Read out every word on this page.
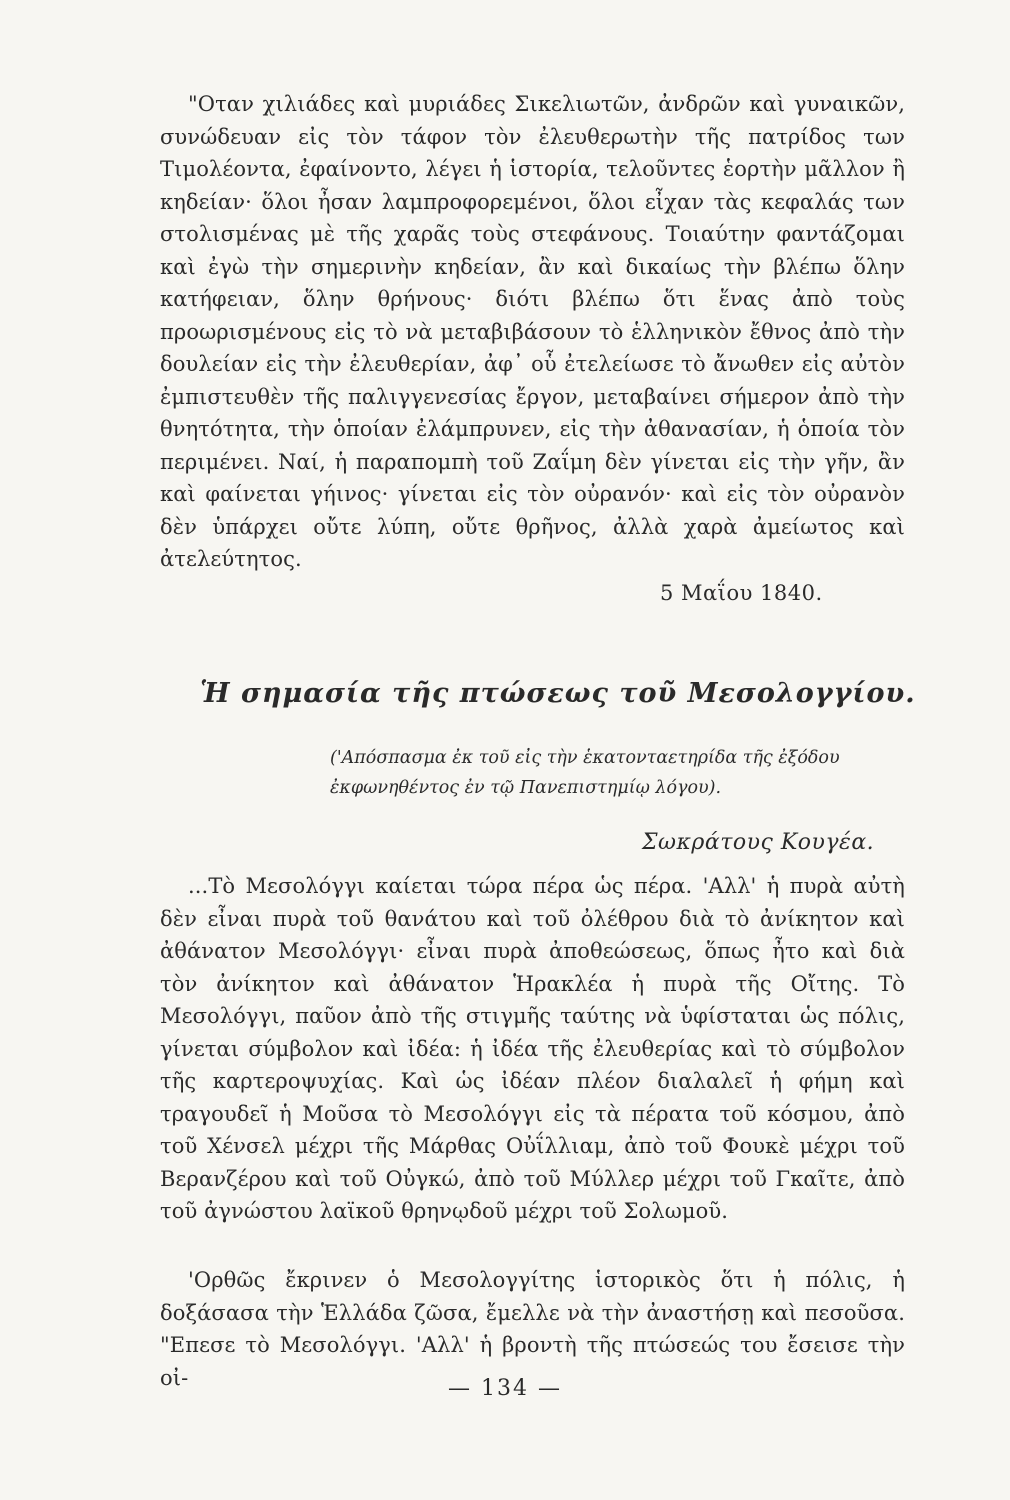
"Οταν χιλιάδες καὶ μυριάδες Σικελιωτῶν, ἀνδρῶν καὶ γυναικῶν, συνώδευαν εἰς τὸν τάφον τὸν ἐλευθερωτὴν τῆς πατρίδος των Τιμολέοντα, ἐφαίνοντο, λέγει ἡ ἱστορία, τελοῦντες ἑορτὴν μᾶλλον ἢ κηδείαν· ὅλοι ἦσαν λαμπροφορεμένοι, ὅλοι εἶχαν τὰς κεφαλάς των στολισμένας μὲ τῆς χαρᾶς τοὺς στεφάνους. Τοιαύτην φαντάζομαι καὶ ἐγὼ τὴν σημερινὴν κηδείαν, ἂν καὶ δικαίως τὴν βλέπω ὅλην κατήφειαν, ὅλην θρήνους· διότι βλέπω ὅτι ἕνας ἀπὸ τοὺς προωρισμένους εἰς τὸ νὰ μεταβιβάσουν τὸ ἑλληνικὸν ἔθνος ἀπὸ τὴν δουλείαν εἰς τὴν ἐλευθερίαν, ἀφ᾽ οὗ ἐτελείωσε τὸ ἄνωθεν εἰς αὐτὸν ἐμπιστευθὲν τῆς παλιγγενεσίας ἔργον, μεταβαίνει σήμερον ἀπὸ τὴν θνητότητα, τὴν ὁποίαν ἐλάμπρυνεν, εἰς τὴν ἀθανασίαν, ἡ ὁποία τὸν περιμένει. Ναί, ἡ παραπομπὴ τοῦ Ζαΐμη δὲν γίνεται εἰς τὴν γῆν, ἂν καὶ φαίνεται γήινος· γίνεται εἰς τὸν οὐρανόν· καὶ εἰς τὸν οὐρανὸν δὲν ὑπάρχει οὔτε λύπη, οὔτε θρῆνος, ἀλλὰ χαρὰ ἀμείωτος καὶ ἀτελεύτητος.

5 Μαΐου 1840.
Ἡ σημασία τῆς πτώσεως τοῦ Μεσολογγίου.
('Απόσπασμα ἐκ τοῦ εἰς τὴν ἑκατονταετηρίδα τῆς ἐξόδου ἐκφωνηθέντος ἐν τῷ Πανεπιστημίῳ λόγου).
Σωκράτους Κουγέα.

...Τὸ Μεσολόγγι καίεται τώρα πέρα ὡς πέρα. 'Αλλ' ἡ πυρὰ αὐτὴ δὲν εἶναι πυρὰ τοῦ θανάτου καὶ τοῦ ὀλέθρου διὰ τὸ ἀνίκητον καὶ ἀθάνατον Μεσολόγγι· εἶναι πυρὰ ἀποθεώσεως, ὅπως ἦτο καὶ διὰ τὸν ἀνίκητον καὶ ἀθάνατον Ἡρακλέα ἡ πυρὰ τῆς Οἴτης. Τὸ Μεσολόγγι, παῦον ἀπὸ τῆς στιγμῆς ταύτης νὰ ὑφίσταται ὡς πόλις, γίνεται σύμβολον καὶ ἰδέα: ἡ ἰδέα τῆς ἐλευθερίας καὶ τὸ σύμβολον τῆς καρτεροψυχίας. Καὶ ὡς ἰδέαν πλέον διαλαλεῖ ἡ φήμη καὶ τραγουδεῖ ἡ Μοῦσα τὸ Μεσολόγγι εἰς τὰ πέρατα τοῦ κόσμου, ἀπὸ τοῦ Χένσελ μέχρι τῆς Μάρθας Οὐΐλλιαμ, ἀπὸ τοῦ Φουκὲ μέχρι τοῦ Βερανζέρου καὶ τοῦ Οὐγκώ, ἀπὸ τοῦ Μύλλερ μέχρι τοῦ Γκαῖτε, ἀπὸ τοῦ ἀγνώστου λαϊκοῦ θρηνῳδοῦ μέχρι τοῦ Σολωμοῦ.

'Ορθῶς ἔκρινεν ὁ Μεσολογγίτης ἱστορικὸς ὅτι ἡ πόλις, ἡ δοξάσασα τὴν Ἑλλάδα ζῶσα, ἔμελλε νὰ τὴν ἀναστήσῃ καὶ πεσοῦσα. "Επεσε τὸ Μεσολόγγι. 'Αλλ' ἡ βροντὴ τῆς πτώσεώς του ἔσεισε τὴν οἰ-	— 134 —
